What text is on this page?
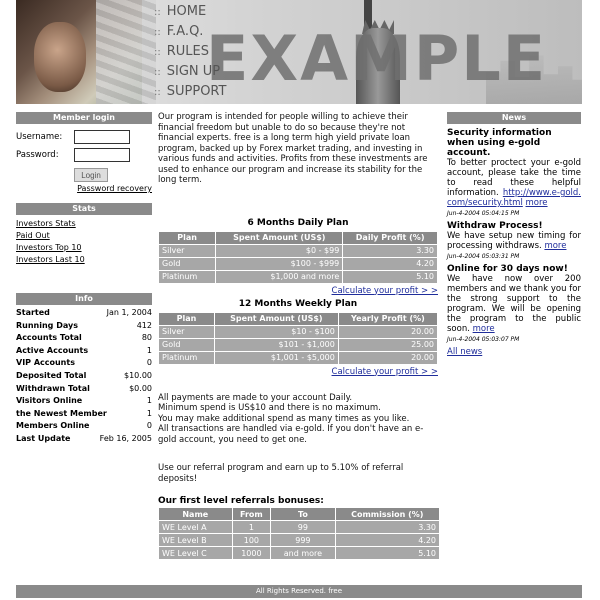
EXAMPLE
:: HOME
:: F.A.Q.
:: RULES
:: SIGN UP
:: SUPPORT
Member login
Username:
Password:
Login
Password recovery
Stats
Investors Stats
Paid Out
Investors Top 10
Investors Last 10
Info
Started	Jan 1, 2004
Running Days	412
Accounts Total	80
Active Accounts	1
VIP Accounts	0
Deposited Total	$10.00
Withdrawn Total	$0.00
Visitors Online	1
the Newest Member	1
Members Online	0
Last Update	Feb 16, 2005

Our program is intended for people willing to achieve their financial freedom but unable to do so because they're not financial experts. free is a long term high yield private loan program, backed up by Forex market trading, and investing in various funds and activities. Profits from these investments are used to enhance our program and increase its stability for the long term.

6 Months Daily Plan
Plan	Spent Amount (US$)	Daily Profit (%)
Silver	$0 - $99	3.30
Gold	$100 - $999	4.20
Platinum	$1,000 and more	5.10
Calculate your profit > >
12 Months Weekly Plan
Plan	Spent Amount (US$)	Yearly Profit (%)
Silver	$10 - $100	20.00
Gold	$101 - $1,000	25.00
Platinum	$1,001 - $5,000	20.00
Calculate your profit > >

All payments are made to your account Daily.

Minimum spend is US$10 and there is no maximum.

You may make additional spend as many times as you like.

All transactions are handled via e-gold. If you don't have an e-gold account, you need to get one.

Use our referral program and earn up to 5.10% of referral deposits!

Our first level referrals bonuses:
Name	From	To	Commission (%)
WE Level A	1	99	3.30
WE Level B	100	999	4.20
WE Level C	1000	and more	5.10
News
Security information when using e-gold account.
To better proctect your e-gold account, please take the time to read these helpful information. http://www.e-gold.com/security.html more
Jun-4-2004 05:04:15 PM
Withdraw Process!
We have setup new timing for processing withdraws. more
Jun-4-2004 05:03:31 PM
Online for 30 days now!
We have now over 200 members and we thank you for the strong support to the program. We will be opening the program to the public soon. more
Jun-4-2004 05:03:07 PM
All news
All Rights Reserved. free
